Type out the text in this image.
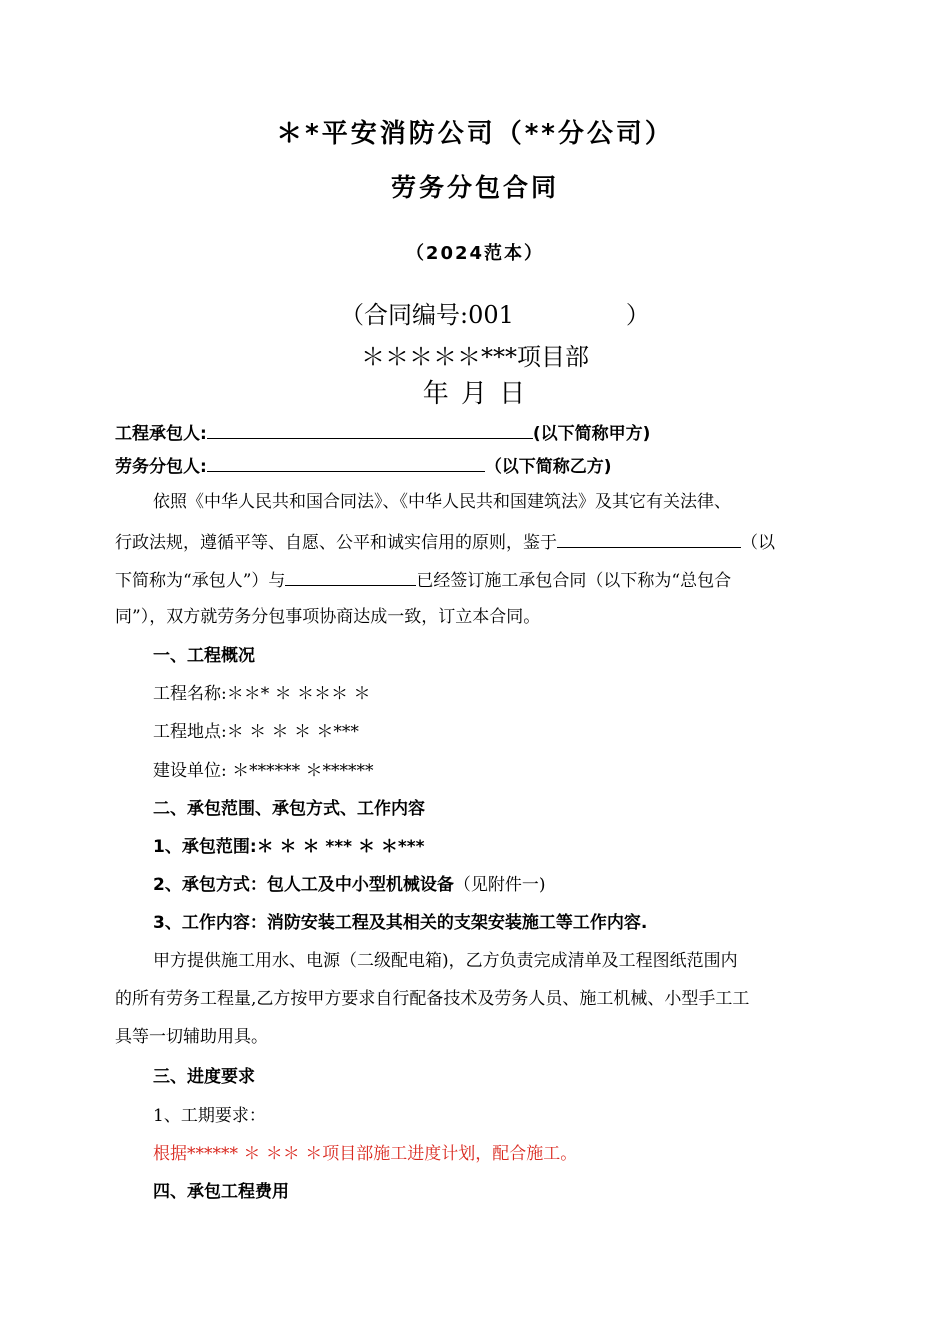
＊*平安消防公司（**分公司）
劳务分包合同
（2024范本）
（合同编号:001	）
＊＊＊＊＊***项目部
年 月 日
工程承包人:	(以下简称甲方)
劳务分包人:	（以下简称乙方)
依照《中华人民共和国合同法》、《中华人民共和国建筑法》及其它有关法律、
行政法规，遵循平等、自愿、公平和诚实信用的原则，鉴于	（以
下简称为“承包人”）与	已经签订施工承包合同（以下称为“总包合
同”），双方就劳务分包事项协商达成一致，订立本合同。
一、工程概况
工程名称:＊＊* ＊ ＊＊＊ ＊
工程地点:＊ ＊ ＊ ＊ ＊***
建设单位: ＊****** ＊******
二、承包范围、承包方式、工作内容
1、承包范围:＊ ＊ ＊ *** ＊ ＊***
2、承包方式：包人工及中小型机械设备（见附件一)
3、工作内容：消防安装工程及其相关的支架安装施工等工作内容.
甲方提供施工用水、电源（二级配电箱)，乙方负责完成清单及工程图纸范围内
的所有劳务工程量,乙方按甲方要求自行配备技术及劳务人员、施工机械、小型手工工
具等一切辅助用具。
三、进度要求
1、工期要求：
根据****** ＊ ＊＊ ＊项目部施工进度计划，配合施工。
四、承包工程费用
